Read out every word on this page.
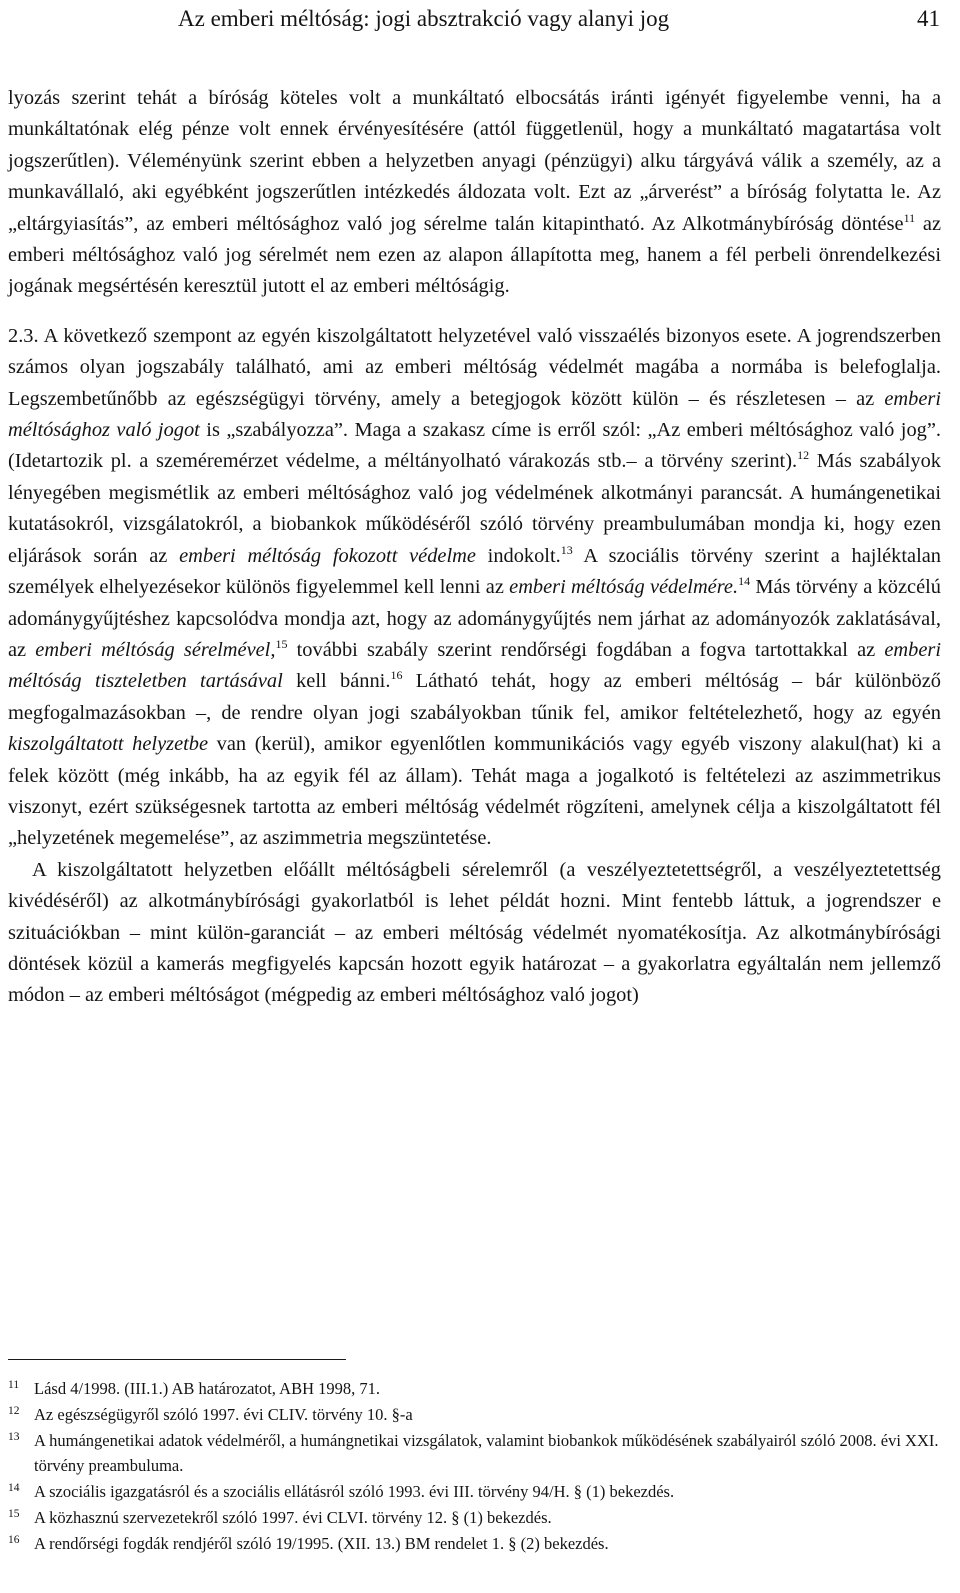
Az emberi méltóság: jogi absztrakció vagy alanyi jog	41

lyozás szerint tehát a bíróság köteles volt a munkáltató elbocsátás iránti igényét figyelembe venni, ha a munkáltatónak elég pénze volt ennek érvényesítésére (attól függetlenül, hogy a munkáltató magatartása volt jogszerűtlen). Véleményünk szerint ebben a helyzetben anyagi (pénzügyi) alku tárgyává válik a személy, az a munkavállaló, aki egyébként jogszerűtlen intézkedés áldozata volt. Ezt az „árverést” a bíróság folytatta le. Az „eltárgyiasítás”, az emberi méltósághoz való jog sérelme talán kitapintható. Az Alkotmánybíróság döntése$^{11}$ az emberi méltósághoz való jog sérelmét nem ezen az alapon állapította meg, hanem a fél perbeli önrendelkezési jogának megsértésén keresztül jutott el az emberi méltóságig.

2.3. A következő szempont az egyén kiszolgáltatott helyzetével való visszaélés bizonyos esete. A jogrendszerben számos olyan jogszabály található, ami az emberi méltóság védelmét magába a normába is belefoglalja. Legszembetűnőbb az egészségügyi törvény, amely a betegjogok között külön – és részletesen – az emberi méltósághoz való jogot is „szabályozza”. Maga a szakasz címe is erről szól: „Az emberi méltósághoz való jog”. (Idetartozik pl. a szeméremérzet védelme, a méltányolható várakozás stb.– a törvény szerint).$^{12}$ Más szabályok lényegében megismétlik az emberi méltósághoz való jog védelmének alkotmányi parancsát. A humángenetikai kutatásokról, vizsgálatokról, a biobankok működéséről szóló törvény preambulumában mondja ki, hogy ezen eljárások során az emberi méltóság fokozott védelme indokolt.$^{13}$ A szociális törvény szerint a hajléktalan személyek elhelyezésekor különös figyelemmel kell lenni az emberi méltóság védelmére.$^{14}$ Más törvény a közcélú adománygyűjtéshez kapcsolódva mondja azt, hogy az adománygyűjtés nem járhat az adományozók zaklatásával, az emberi méltóság sérelmével,$^{15}$ további szabály szerint rendőrségi fogdában a fogva tartottakkal az emberi méltóság tiszteletben tartásával kell bánni.$^{16}$ Látható tehát, hogy az emberi méltóság – bár különböző megfogalmazásokban –, de rendre olyan jogi szabályokban tűnik fel, amikor feltételezhető, hogy az egyén kiszolgáltatott helyzetbe van (kerül), amikor egyenlőtlen kommunikációs vagy egyéb viszony alakul(hat) ki a felek között (még inkább, ha az egyik fél az állam). Tehát maga a jogalkotó is feltételezi az aszimmetrikus viszonyt, ezért szükségesnek tartotta az emberi méltóság védelmét rögzíteni, amelynek célja a kiszolgáltatott fél „helyzetének megemelése”, az aszimmetria megszüntetése.

A kiszolgáltatott helyzetben előállt méltóságbeli sérelemről (a veszélyeztetettségről, a veszélyeztetettség kivédéséről) az alkotmánybírósági gyakorlatból is lehet példát hozni. Mint fentebb láttuk, a jogrendszer e szituációkban – mint külön-garanciát – az emberi méltóság védelmét nyomatékosítja. Az alkotmánybírósági döntések közül a kamerás megfigyelés kapcsán hozott egyik határozat – a gyakorlatra egyáltalán nem jellemző módon – az emberi méltóságot (mégpedig az emberi méltósághoz való jogot)

11 Lásd 4/1998. (III.1.) AB határozatot, ABH 1998, 71.
12 Az egészségügyről szóló 1997. évi CLIV. törvény 10. §-a
13 A humángenetikai adatok védelméről, a humángnetikai vizsgálatok, valamint biobankok működésének szabályairól szóló 2008. évi XXI. törvény preambuluma.
14 A szociális igazgatásról és a szociális ellátásról szóló 1993. évi III. törvény 94/H. § (1) bekezdés.
15 A közhasznú szervezetekről szóló 1997. évi CLVI. törvény 12. § (1) bekezdés.
16 A rendőrségi fogdák rendjéről szóló 19/1995. (XII. 13.) BM rendelet 1. § (2) bekezdés.
